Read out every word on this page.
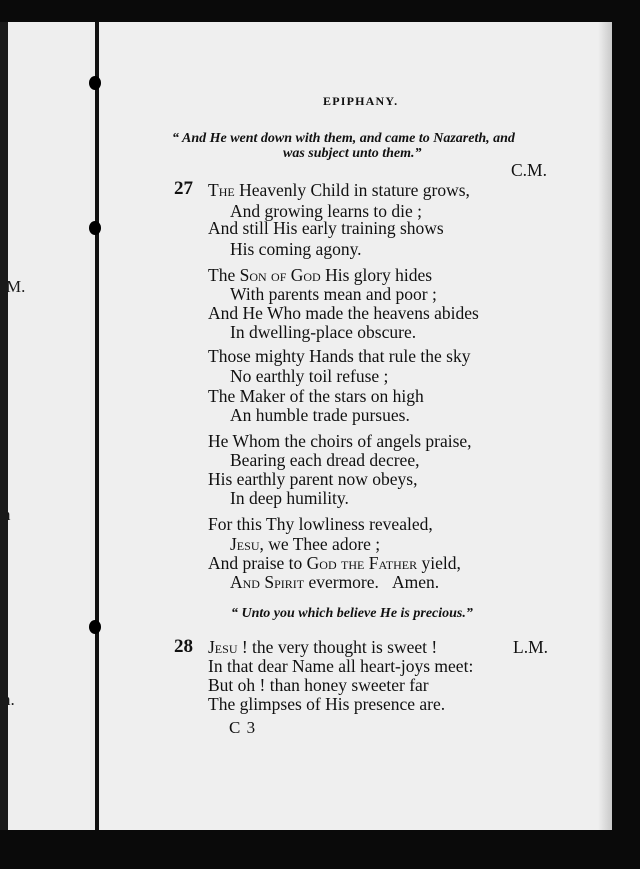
M.
n
n.
EPIPHANY.
“ And He went down with them, and came to Nazareth, and
was subject unto them.”
C.M.
27 The Heavenly Child in stature grows,
And growing learns to die ;
And still His early training shows
His coming agony.
The Son of God His glory hides
With parents mean and poor ;
And He Who made the heavens abides
In dwelling-place obscure.
Those mighty Hands that rule the sky
No earthly toil refuse ;
The Maker of the stars on high
An humble trade pursues.
He Whom the choirs of angels praise,
Bearing each dread decree,
His earthly parent now obeys,
In deep humility.
For this Thy lowliness revealed,
Jesu, we Thee adore ;
And praise to God the Father yield,
And Spirit evermore.   Amen.
“ Unto you which believe He is precious.”
28 Jesu ! the very thought is sweet !	L.M.
In that dear Name all heart-joys meet:
But oh ! than honey sweeter far
The glimpses of His presence are.
C 3
